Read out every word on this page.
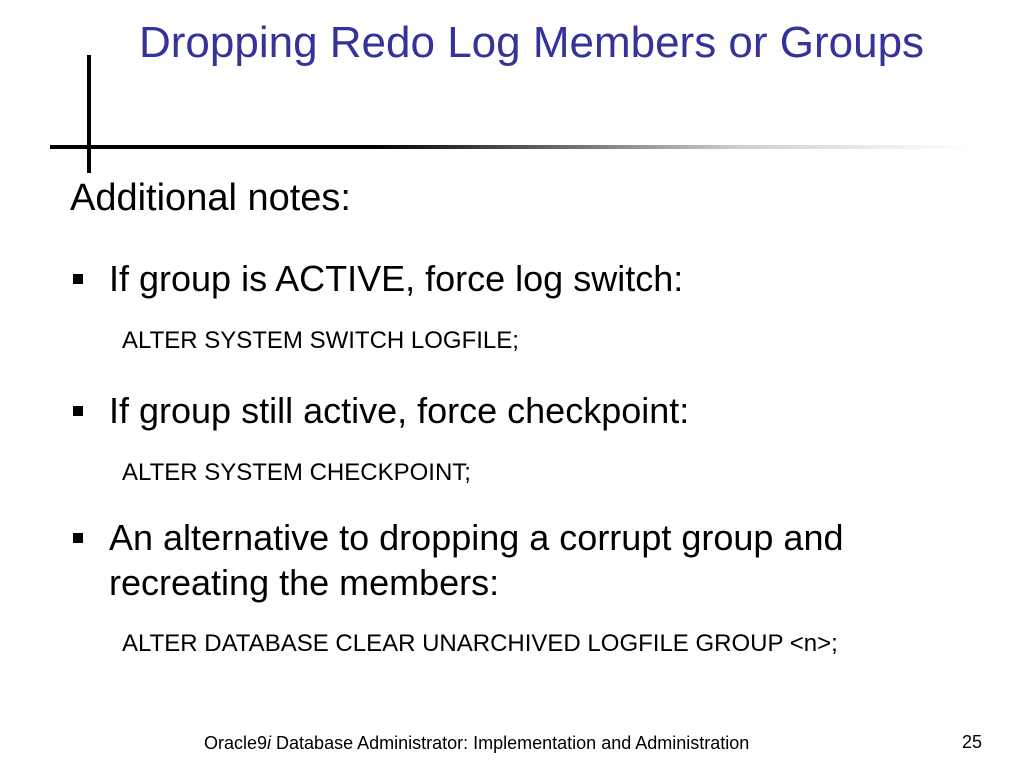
Dropping Redo Log Members or Groups
Additional notes:
If group is ACTIVE, force log switch:
ALTER SYSTEM SWITCH LOGFILE;
If group still active, force checkpoint:
ALTER SYSTEM CHECKPOINT;
An alternative to dropping a corrupt group and recreating the members:
ALTER DATABASE CLEAR UNARCHIVED LOGFILE GROUP <n>;
Oracle9i Database Administrator: Implementation and Administration	25
